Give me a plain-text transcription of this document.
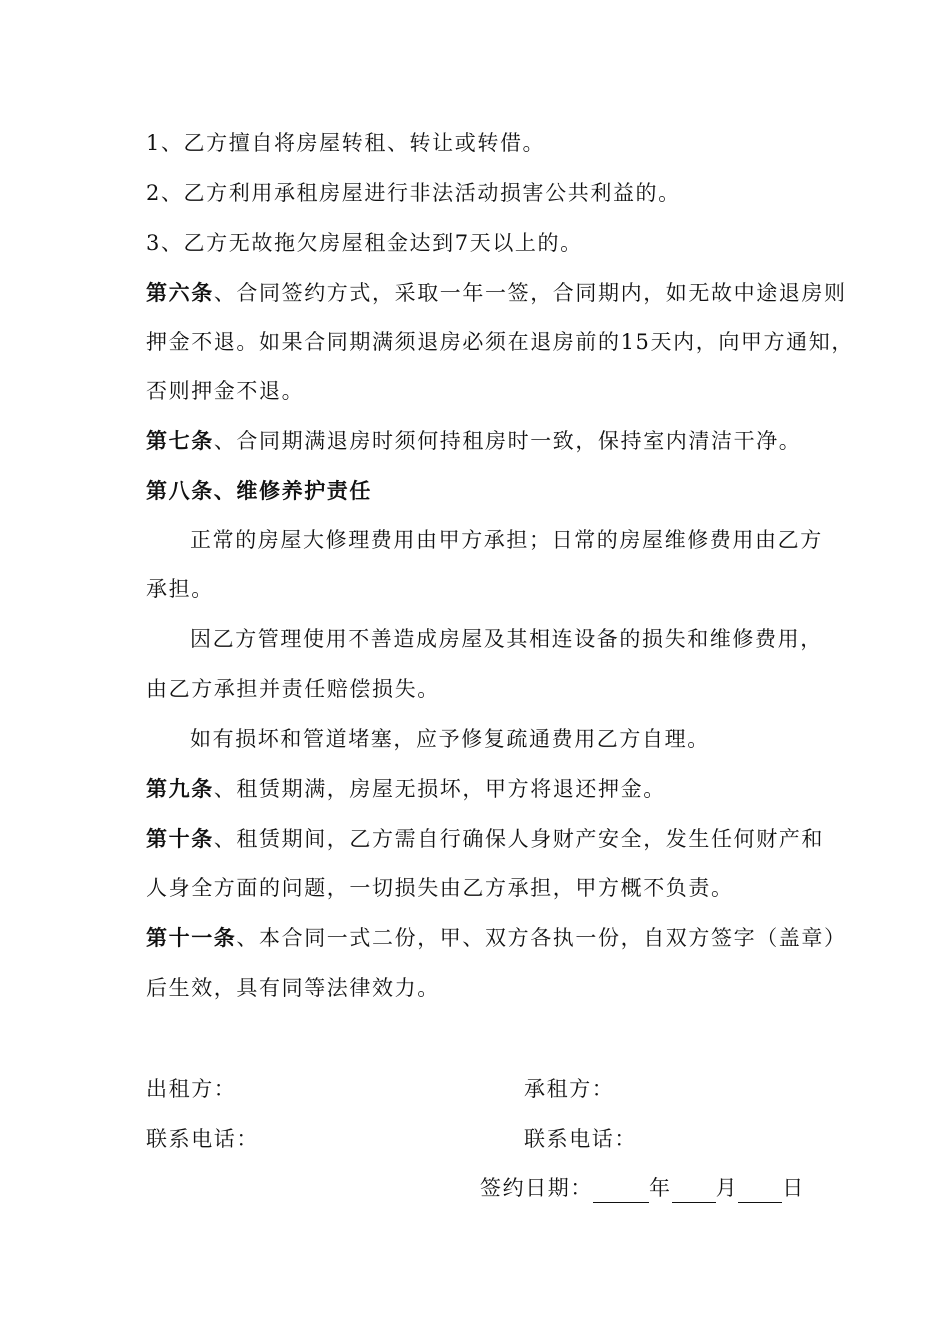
1、乙方擅自将房屋转租、转让或转借。
2、乙方利用承租房屋进行非法活动损害公共利益的。
3、乙方无故拖欠房屋租金达到7天以上的。
第六条、合同签约方式，采取一年一签，合同期内，如无故中途退房则
押金不退。如果合同期满须退房必须在退房前的15天内，向甲方通知，
否则押金不退。
第七条、合同期满退房时须何持租房时一致，保持室内清洁干净。
第八条、维修养护责任
正常的房屋大修理费用由甲方承担；日常的房屋维修费用由乙方
承担。
因乙方管理使用不善造成房屋及其相连设备的损失和维修费用，
由乙方承担并责任赔偿损失。
如有损坏和管道堵塞，应予修复疏通费用乙方自理。
第九条、租赁期满，房屋无损坏，甲方将退还押金。
第十条、租赁期间，乙方需自行确保人身财产安全，发生任何财产和
人身全方面的问题，一切损失由乙方承担，甲方概不负责。
第十一条、本合同一式二份，甲、双方各执一份，自双方签字（盖章）
后生效，具有同等法律效力。
出租方：	承租方：
联系电话：	联系电话：
签约日期：	年 月 日
